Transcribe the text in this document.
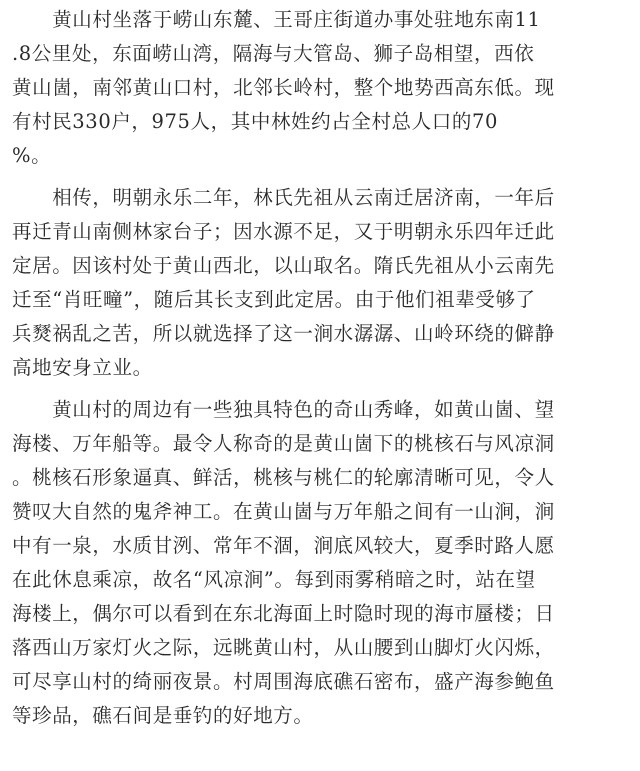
　　黄山村坐落于崂山东麓、王哥庄街道办事处驻地东南11
.8公里处，东面崂山湾，隔海与大管岛、狮子岛相望，西依
黄山崮，南邻黄山口村，北邻长岭村，整个地势西高东低。现
有村民330户，975人，其中林姓约占全村总人口的70
%。
　　相传，明朝永乐二年，林氏先祖从云南迁居济南，一年后
再迁青山南侧林家台子；因水源不足，又于明朝永乐四年迁此
定居。因该村处于黄山西北，以山取名。隋氏先祖从小云南先
迁至“肖旺疃”，随后其长支到此定居。由于他们祖辈受够了
兵燹祸乱之苦，所以就选择了这一涧水潺潺、山岭环绕的僻静
高地安身立业。
　　黄山村的周边有一些独具特色的奇山秀峰，如黄山崮、望
海楼、万年船等。最令人称奇的是黄山崮下的桃核石与风凉洞
。桃核石形象逼真、鲜活，桃核与桃仁的轮廓清晰可见，令人
赞叹大自然的鬼斧神工。在黄山崮与万年船之间有一山涧，涧
中有一泉，水质甘洌、常年不涸，涧底风较大，夏季时路人愿
在此休息乘凉，故名“风凉涧”。每到雨雾稍暗之时，站在望
海楼上，偶尔可以看到在东北海面上时隐时现的海市蜃楼；日
落西山万家灯火之际，远眺黄山村，从山腰到山脚灯火闪烁，
可尽享山村的绮丽夜景。村周围海底礁石密布，盛产海参鲍鱼
等珍品，礁石间是垂钓的好地方。
